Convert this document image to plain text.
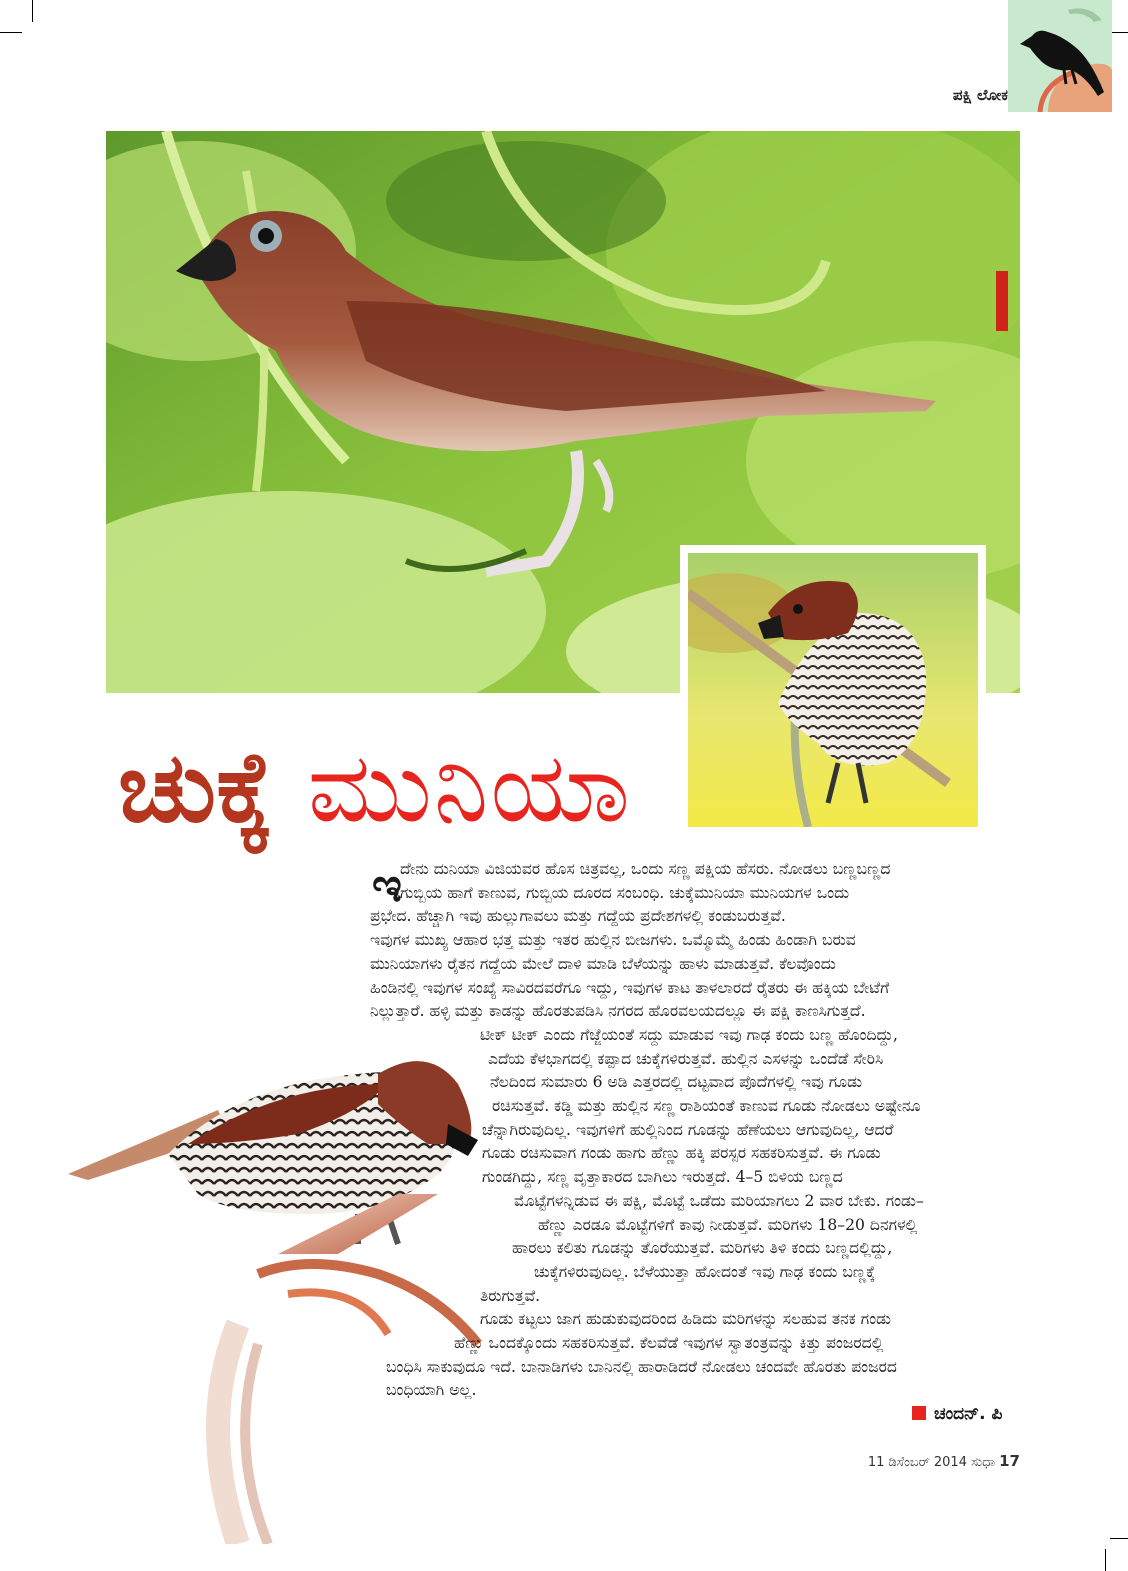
ಪಕ್ಷಿ ಲೋಕ
ಚುಕ್ಕೆ ಮುನಿಯಾ
ಇ
ದೇನು ದುನಿಯಾ ವಿಜಿಯವರ ಹೊಸ ಚಿತ್ರವಲ್ಲ, ಒಂದು ಸಣ್ಣ ಪಕ್ಷಿಯ ಹೆಸರು. ನೋಡಲು ಬಣ್ಣಬಣ್ಣದ
ಗುಬ್ಬಿಯ ಹಾಗೆ ಕಾಣುವ, ಗುಬ್ಬಿಯ ದೂರದ ಸಂಬಂಧಿ. ಚುಕ್ಕೆಮುನಿಯಾ ಮುನಿಯಗಳ ಒಂದು
ಪ್ರಭೇದ. ಹೆಚ್ಚಾಗಿ ಇವು ಹುಲ್ಲುಗಾವಲು ಮತ್ತು ಗದ್ದೆಯ ಪ್ರದೇಶಗಳಲ್ಲಿ ಕಂಡುಬರುತ್ತವೆ.
ಇವುಗಳ ಮುಖ್ಯ ಆಹಾರ ಭತ್ತ ಮತ್ತು ಇತರ ಹುಲ್ಲಿನ ಬೀಜಗಳು. ಒಮ್ಮೊಮ್ಮೆ ಹಿಂಡು ಹಿಂಡಾಗಿ ಬರುವ
ಮುನಿಯಾಗಳು ರೈತನ ಗದ್ದೆಯ ಮೇಲೆ ದಾಳಿ ಮಾಡಿ ಬೆಳೆಯನ್ನು ಹಾಳು ಮಾಡುತ್ತವೆ. ಕೆಲವೊಂದು
ಹಿಂಡಿನಲ್ಲಿ ಇವುಗಳ ಸಂಖ್ಯೆ ಸಾವಿರದವರೆಗೂ ಇದ್ದು, ಇವುಗಳ ಕಾಟ ತಾಳಲಾರದೆ ರೈತರು ಈ ಹಕ್ಕಿಯ ಬೇಟೆಗೆ
ನಿಲ್ಲುತ್ತಾರೆ. ಹಳ್ಳಿ ಮತ್ತು ಕಾಡನ್ನು ಹೊರತುಪಡಿಸಿ ನಗರದ ಹೊರವಲಯದಲ್ಲೂ ಈ ಪಕ್ಷಿ ಕಾಣಸಿಗುತ್ತದೆ.
ಟೀಕ್ ಟೀಕ್ ಎಂದು ಗೆಜ್ಜೆಯಂತೆ ಸದ್ದು ಮಾಡುವ ಇವು ಗಾಢ ಕಂದು ಬಣ್ಣ ಹೊಂದಿದ್ದು,
ಎದೆಯ ಕೆಳಭಾಗದಲ್ಲಿ ಕಪ್ಪಾದ ಚುಕ್ಕೆಗಳಿರುತ್ತವೆ. ಹುಲ್ಲಿನ ಎಸಳನ್ನು ಒಂದೆಡೆ ಸೇರಿಸಿ
ನೆಲದಿಂದ ಸುಮಾರು 6 ಅಡಿ ಎತ್ತರದಲ್ಲಿ ದಟ್ಟವಾದ ಪೊದೆಗಳಲ್ಲಿ ಇವು ಗೂಡು
ರಚಿಸುತ್ತವೆ. ಕಡ್ಡಿ ಮತ್ತು ಹುಲ್ಲಿನ ಸಣ್ಣ ರಾಶಿಯಂತೆ ಕಾಣುವ ಗೂಡು ನೋಡಲು ಅಷ್ಟೇನೂ
ಚೆನ್ನಾಗಿರುವುದಿಲ್ಲ. ಇವುಗಳಿಗೆ ಹುಲ್ಲಿನಿಂದ ಗೂಡನ್ನು ಹೆಣೆಯಲು ಆಗುವುದಿಲ್ಲ, ಆದರೆ
ಗೂಡು ರಚಿಸುವಾಗ ಗಂಡು ಹಾಗು ಹೆಣ್ಣು ಹಕ್ಕಿ ಪರಸ್ಪರ ಸಹಕರಿಸುತ್ತವೆ. ಈ ಗೂಡು
ಗುಂಡಗಿದ್ದು, ಸಣ್ಣ ವೃತ್ತಾಕಾರದ ಬಾಗಿಲು ಇರುತ್ತದೆ. 4–5 ಬಿಳಿಯ ಬಣ್ಣದ
ಮೊಟ್ಟೆಗಳನ್ನಿಡುವ ಈ ಪಕ್ಷಿ, ಮೊಟ್ಟೆ ಒಡೆದು ಮರಿಯಾಗಲು 2 ವಾರ ಬೇಕು. ಗಂಡು–
ಹೆಣ್ಣು ಎರಡೂ ಮೊಟ್ಟೆಗಳಿಗೆ ಕಾವು ನೀಡುತ್ತವೆ. ಮರಿಗಳು 18–20 ದಿನಗಳಲ್ಲಿ
ಹಾರಲು ಕಲಿತು ಗೂಡನ್ನು ತೊರೆಯುತ್ತವೆ. ಮರಿಗಳು ತಿಳಿ ಕಂದು ಬಣ್ಣದಲ್ಲಿದ್ದು,
ಚುಕ್ಕೆಗಳಿರುವುದಿಲ್ಲ. ಬೆಳೆಯುತ್ತಾ ಹೋದಂತೆ ಇವು ಗಾಢ ಕಂದು ಬಣ್ಣಕ್ಕೆ
ತಿರುಗುತ್ತವೆ.
ಗೂಡು ಕಟ್ಟಲು ಜಾಗ ಹುಡುಕುವುದರಿಂದ ಹಿಡಿದು ಮರಿಗಳನ್ನು ಸಲಹುವ ತನಕ ಗಂಡು
ಹೆಣ್ಣು ಒಂದಕ್ಕೊಂದು ಸಹಕರಿಸುತ್ತವೆ. ಕೆಲವೆಡೆ ಇವುಗಳ ಸ್ವಾತಂತ್ರವನ್ನು ಕಿತ್ತು ಪಂಜರದಲ್ಲಿ
ಬಂಧಿಸಿ ಸಾಕುವುದೂ ಇದೆ. ಬಾನಾಡಿಗಳು ಬಾನಿನಲ್ಲಿ ಹಾರಾಡಿದರೆ ನೋಡಲು ಚಂದವೇ ಹೊರತು ಪಂಜರದ
ಬಂಧಿಯಾಗಿ ಅಲ್ಲ.
ಚಂದನ್. ಪಿ
11 ಡಿಸೆಂಬರ್ 2014 ಸುಧಾ 17
